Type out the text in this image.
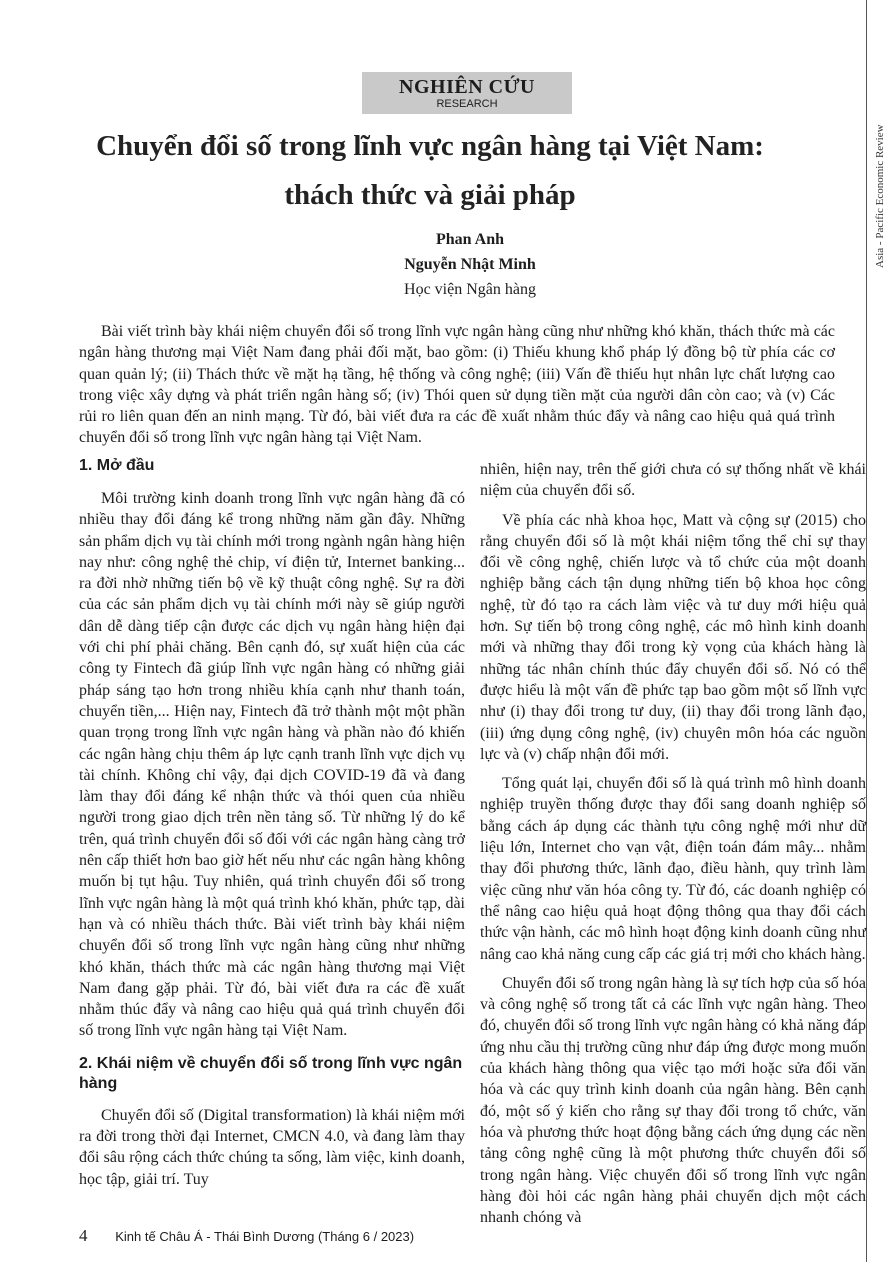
Asia - Pacific Economic Review
NGHIÊN CỨU
RESEARCH
Chuyển đổi số trong lĩnh vực ngân hàng tại Việt Nam:
thách thức và giải pháp
Phan Anh
Nguyễn Nhật Minh
Học viện Ngân hàng

Bài viết trình bày khái niệm chuyển đổi số trong lĩnh vực ngân hàng cũng như những khó khăn, thách thức mà các ngân hàng thương mại Việt Nam đang phải đối mặt, bao gồm: (i) Thiếu khung khổ pháp lý đồng bộ từ phía các cơ quan quản lý; (ii) Thách thức về mặt hạ tầng, hệ thống và công nghệ; (iii) Vấn đề thiếu hụt nhân lực chất lượng cao trong việc xây dựng và phát triển ngân hàng số; (iv) Thói quen sử dụng tiền mặt của người dân còn cao; và (v) Các rủi ro liên quan đến an ninh mạng. Từ đó, bài viết đưa ra các đề xuất nhằm thúc đẩy và nâng cao hiệu quả quá trình chuyển đổi số trong lĩnh vực ngân hàng tại Việt Nam.

1. Mở đầu

Môi trường kinh doanh trong lĩnh vực ngân hàng đã có nhiều thay đổi đáng kể trong những năm gần đây. Những sản phẩm dịch vụ tài chính mới trong ngành ngân hàng hiện nay như: công nghệ thẻ chip, ví điện tử, Internet banking... ra đời nhờ những tiến bộ về kỹ thuật công nghệ. Sự ra đời của các sản phẩm dịch vụ tài chính mới này sẽ giúp người dân dễ dàng tiếp cận được các dịch vụ ngân hàng hiện đại với chi phí phải chăng. Bên cạnh đó, sự xuất hiện của các công ty Fintech đã giúp lĩnh vực ngân hàng có những giải pháp sáng tạo hơn trong nhiều khía cạnh như thanh toán, chuyển tiền,... Hiện nay, Fintech đã trở thành một một phần quan trọng trong lĩnh vực ngân hàng và phần nào đó khiến các ngân hàng chịu thêm áp lực cạnh tranh lĩnh vực dịch vụ tài chính. Không chỉ vậy, đại dịch COVID-19 đã và đang làm thay đổi đáng kể nhận thức và thói quen của nhiều người trong giao dịch trên nền tảng số. Từ những lý do kể trên, quá trình chuyển đổi số đối với các ngân hàng càng trở nên cấp thiết hơn bao giờ hết nếu như các ngân hàng không muốn bị tụt hậu. Tuy nhiên, quá trình chuyển đổi số trong lĩnh vực ngân hàng là một quá trình khó khăn, phức tạp, dài hạn và có nhiều thách thức. Bài viết trình bày khái niệm chuyển đổi số trong lĩnh vực ngân hàng cũng như những khó khăn, thách thức mà các ngân hàng thương mại Việt Nam đang gặp phải. Từ đó, bài viết đưa ra các đề xuất nhằm thúc đẩy và nâng cao hiệu quả quá trình chuyển đổi số trong lĩnh vực ngân hàng tại Việt Nam.

2. Khái niệm về chuyển đổi số trong lĩnh vực ngân hàng

Chuyển đổi số (Digital transformation) là khái niệm mới ra đời trong thời đại Internet, CMCN 4.0, và đang làm thay đổi sâu rộng cách thức chúng ta sống, làm việc, kinh doanh, học tập, giải trí. Tuy

nhiên, hiện nay, trên thế giới chưa có sự thống nhất về khái niệm của chuyển đổi số.

Về phía các nhà khoa học, Matt và cộng sự (2015) cho rằng chuyển đổi số là một khái niệm tổng thể chỉ sự thay đổi về công nghệ, chiến lược và tổ chức của một doanh nghiệp bằng cách tận dụng những tiến bộ khoa học công nghệ, từ đó tạo ra cách làm việc và tư duy mới hiệu quả hơn. Sự tiến bộ trong công nghệ, các mô hình kinh doanh mới và những thay đổi trong kỳ vọng của khách hàng là những tác nhân chính thúc đẩy chuyển đổi số. Nó có thể được hiểu là một vấn đề phức tạp bao gồm một số lĩnh vực như (i) thay đổi trong tư duy, (ii) thay đổi trong lãnh đạo, (iii) ứng dụng công nghệ, (iv) chuyên môn hóa các nguồn lực và (v) chấp nhận đổi mới.

Tổng quát lại, chuyển đổi số là quá trình mô hình doanh nghiệp truyền thống được thay đổi sang doanh nghiệp số bằng cách áp dụng các thành tựu công nghệ mới như dữ liệu lớn, Internet cho vạn vật, điện toán đám mây... nhằm thay đổi phương thức, lãnh đạo, điều hành, quy trình làm việc cũng như văn hóa công ty. Từ đó, các doanh nghiệp có thể nâng cao hiệu quả hoạt động thông qua thay đổi cách thức vận hành, các mô hình hoạt động kinh doanh cũng như nâng cao khả năng cung cấp các giá trị mới cho khách hàng.

Chuyển đổi số trong ngân hàng là sự tích hợp của số hóa và công nghệ số trong tất cả các lĩnh vực ngân hàng. Theo đó, chuyển đổi số trong lĩnh vực ngân hàng có khả năng đáp ứng nhu cầu thị trường cũng như đáp ứng được mong muốn của khách hàng thông qua việc tạo mới hoặc sửa đổi văn hóa và các quy trình kinh doanh của ngân hàng. Bên cạnh đó, một số ý kiến cho rằng sự thay đổi trong tổ chức, văn hóa và phương thức hoạt động bằng cách ứng dụng các nền tảng công nghệ cũng là một phương thức chuyển đổi số trong ngân hàng. Việc chuyển đổi số trong lĩnh vực ngân hàng đòi hỏi các ngân hàng phải chuyển dịch một cách nhanh chóng và

4 Kinh tế Châu Á - Thái Bình Dương (Tháng 6 / 2023)
